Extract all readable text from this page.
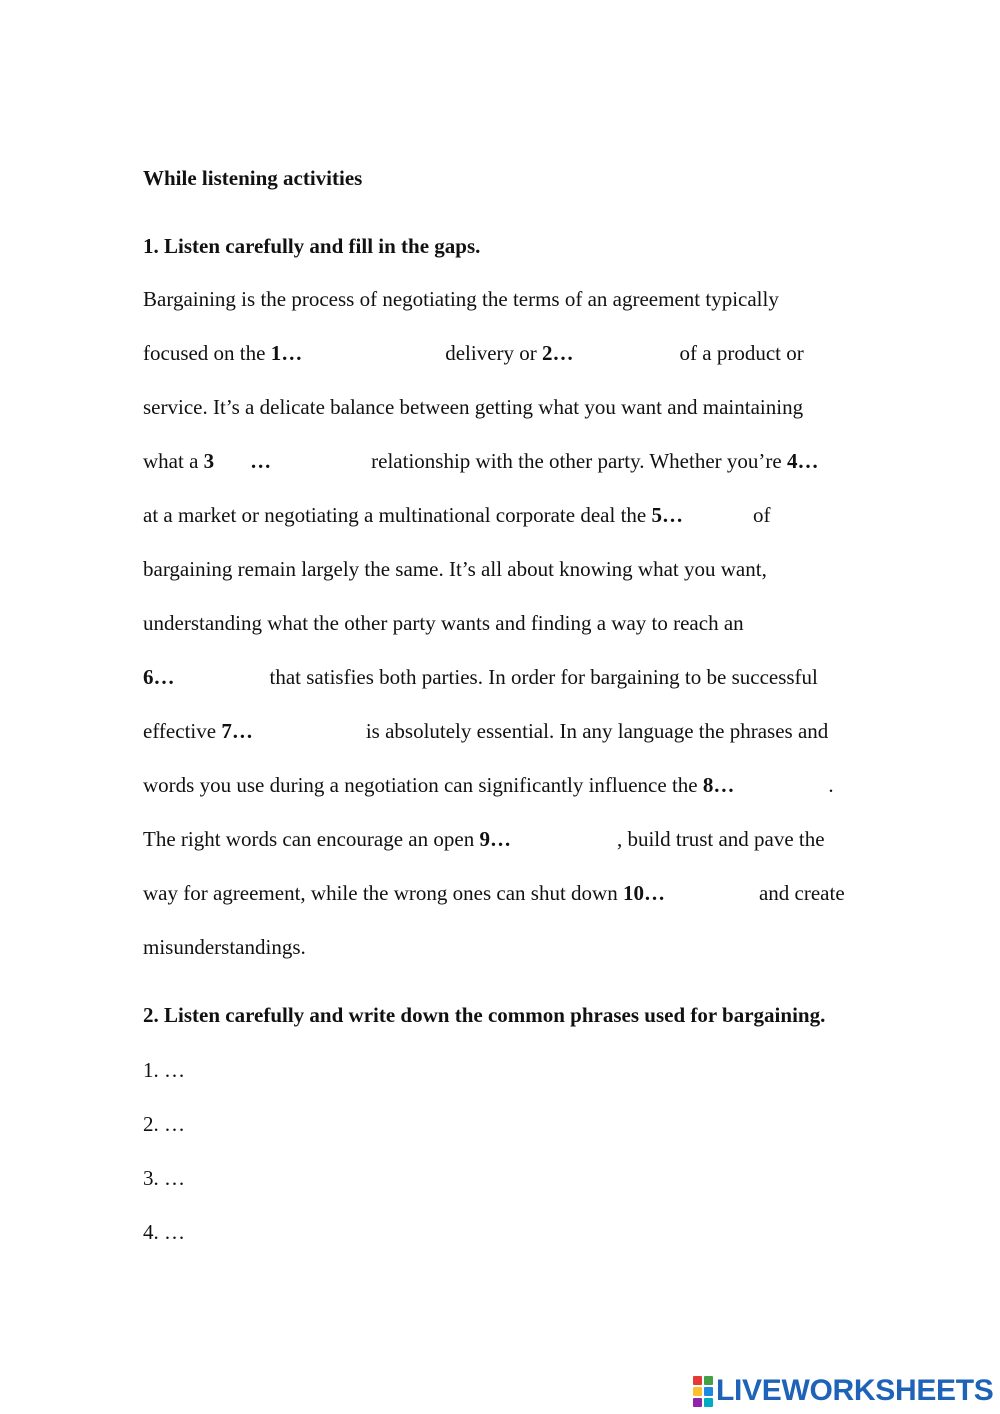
While listening activities
1. Listen carefully and fill in the gaps.
Bargaining is the process of negotiating the terms of an agreement typically
focused on the 1…	delivery or 2…	of a product or
service. It’s a delicate balance between getting what you want and maintaining
what a 3 …	relationship with the other party. Whether you’re 4…
at a market or negotiating a multinational corporate deal the 5…	of
bargaining remain largely the same. It’s all about knowing what you want,
understanding what the other party wants and finding a way to reach an
6…	that satisfies both parties. In order for bargaining to be successful
effective 7…	is absolutely essential. In any language the phrases and
words you use during a negotiation can significantly influence the 8…	.
The right words can encourage an open 9…	, build trust and pave the
way for agreement, while the wrong ones can shut down 10…	and create
misunderstandings.
2. Listen carefully and write down the common phrases used for bargaining.
1. …
2. …
3. …
4. …
LIVEWORKSHEETS
